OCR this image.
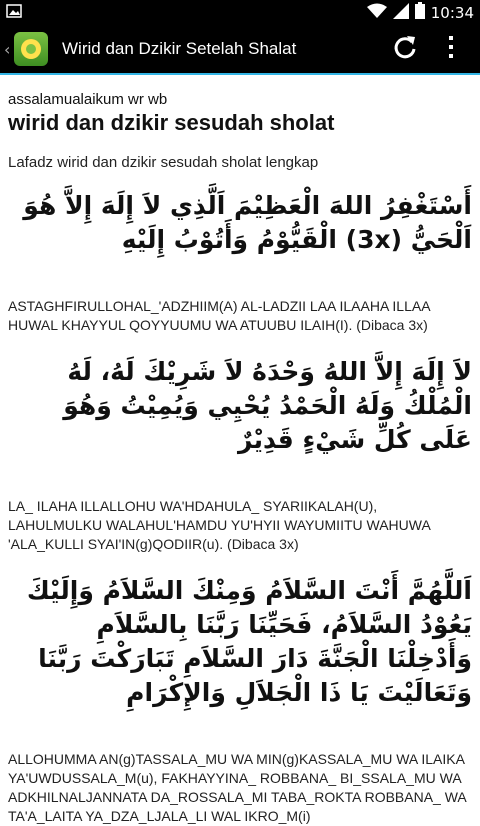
10:34
‹	Wirid dan Dzikir Setelah Shalat

assalamualaikum wr wb

wirid dan dzikir sesudah sholat

Lafadz wirid dan dzikir sesudah sholat lengkap

أَسْتَغْفِرُ اللهَ الْعَظِيْمَ اَلَّذِي لاَ إِلَهَ إِلاَّ هُوَ اَلْحَيُّ (3x) الْقَيُّوْمُ وَأَتُوْبُ إِلَيْهِ

ASTAGHFIRULLOHAL_'ADZHIIM(A) AL-LADZII LAA ILAAHA ILLAA HUWAL KHAYYUL QOYYUUMU WA ATUUBU ILAIH(I). (Dibaca 3x)

لاَ إِلَهَ إِلاَّ اللهُ وَحْدَهُ لاَ شَرِيْكَ لَهُ، لَهُ الْمُلْكُ وَلَهُ الْحَمْدُ يُحْيِي وَيُمِيْتُ وَهُوَ عَلَى كُلِّ شَيْءٍ قَدِيْرٌ

LA_ ILAHA ILLALLOHU WA'HDAHULA_ SYARIIKALAH(U), LAHULMULKU WALAHUL'HAMDU YU'HYII WAYUMIITU WAHUWA 'ALA_KULLI SYAI'IN(g)QODIIR(u). (Dibaca 3x)

اَللَّهُمَّ أَنْتَ السَّلاَمُ وَمِنْكَ السَّلاَمُ وَإِلَيْكَ يَعُوْدُ السَّلاَمُ، فَحَيِّنَا رَبَّنَا بِالسَّلاَمِ وَأَدْخِلْنَا الْجَنَّةَ دَارَ السَّلاَمِ تَبَارَكْتَ رَبَّنَا وَتَعَالَيْتَ يَا ذَا الْجَلاَلِ وَالإِكْرَامِ

ALLOHUMMA AN(g)TASSALA_MU WA MIN(g)KASSALA_MU WA ILAIKA YA'UWDUSSALA_M(u), FAKHAYYINA_ ROBBANA_ BI_SSALA_MU WA ADKHILNALJANNATA DA_ROSSALA_MI TABA_ROKTA ROBBANA_ WA TA'A_LAITA YA_DZA_LJALA_LI WAL IKRO_M(i)
